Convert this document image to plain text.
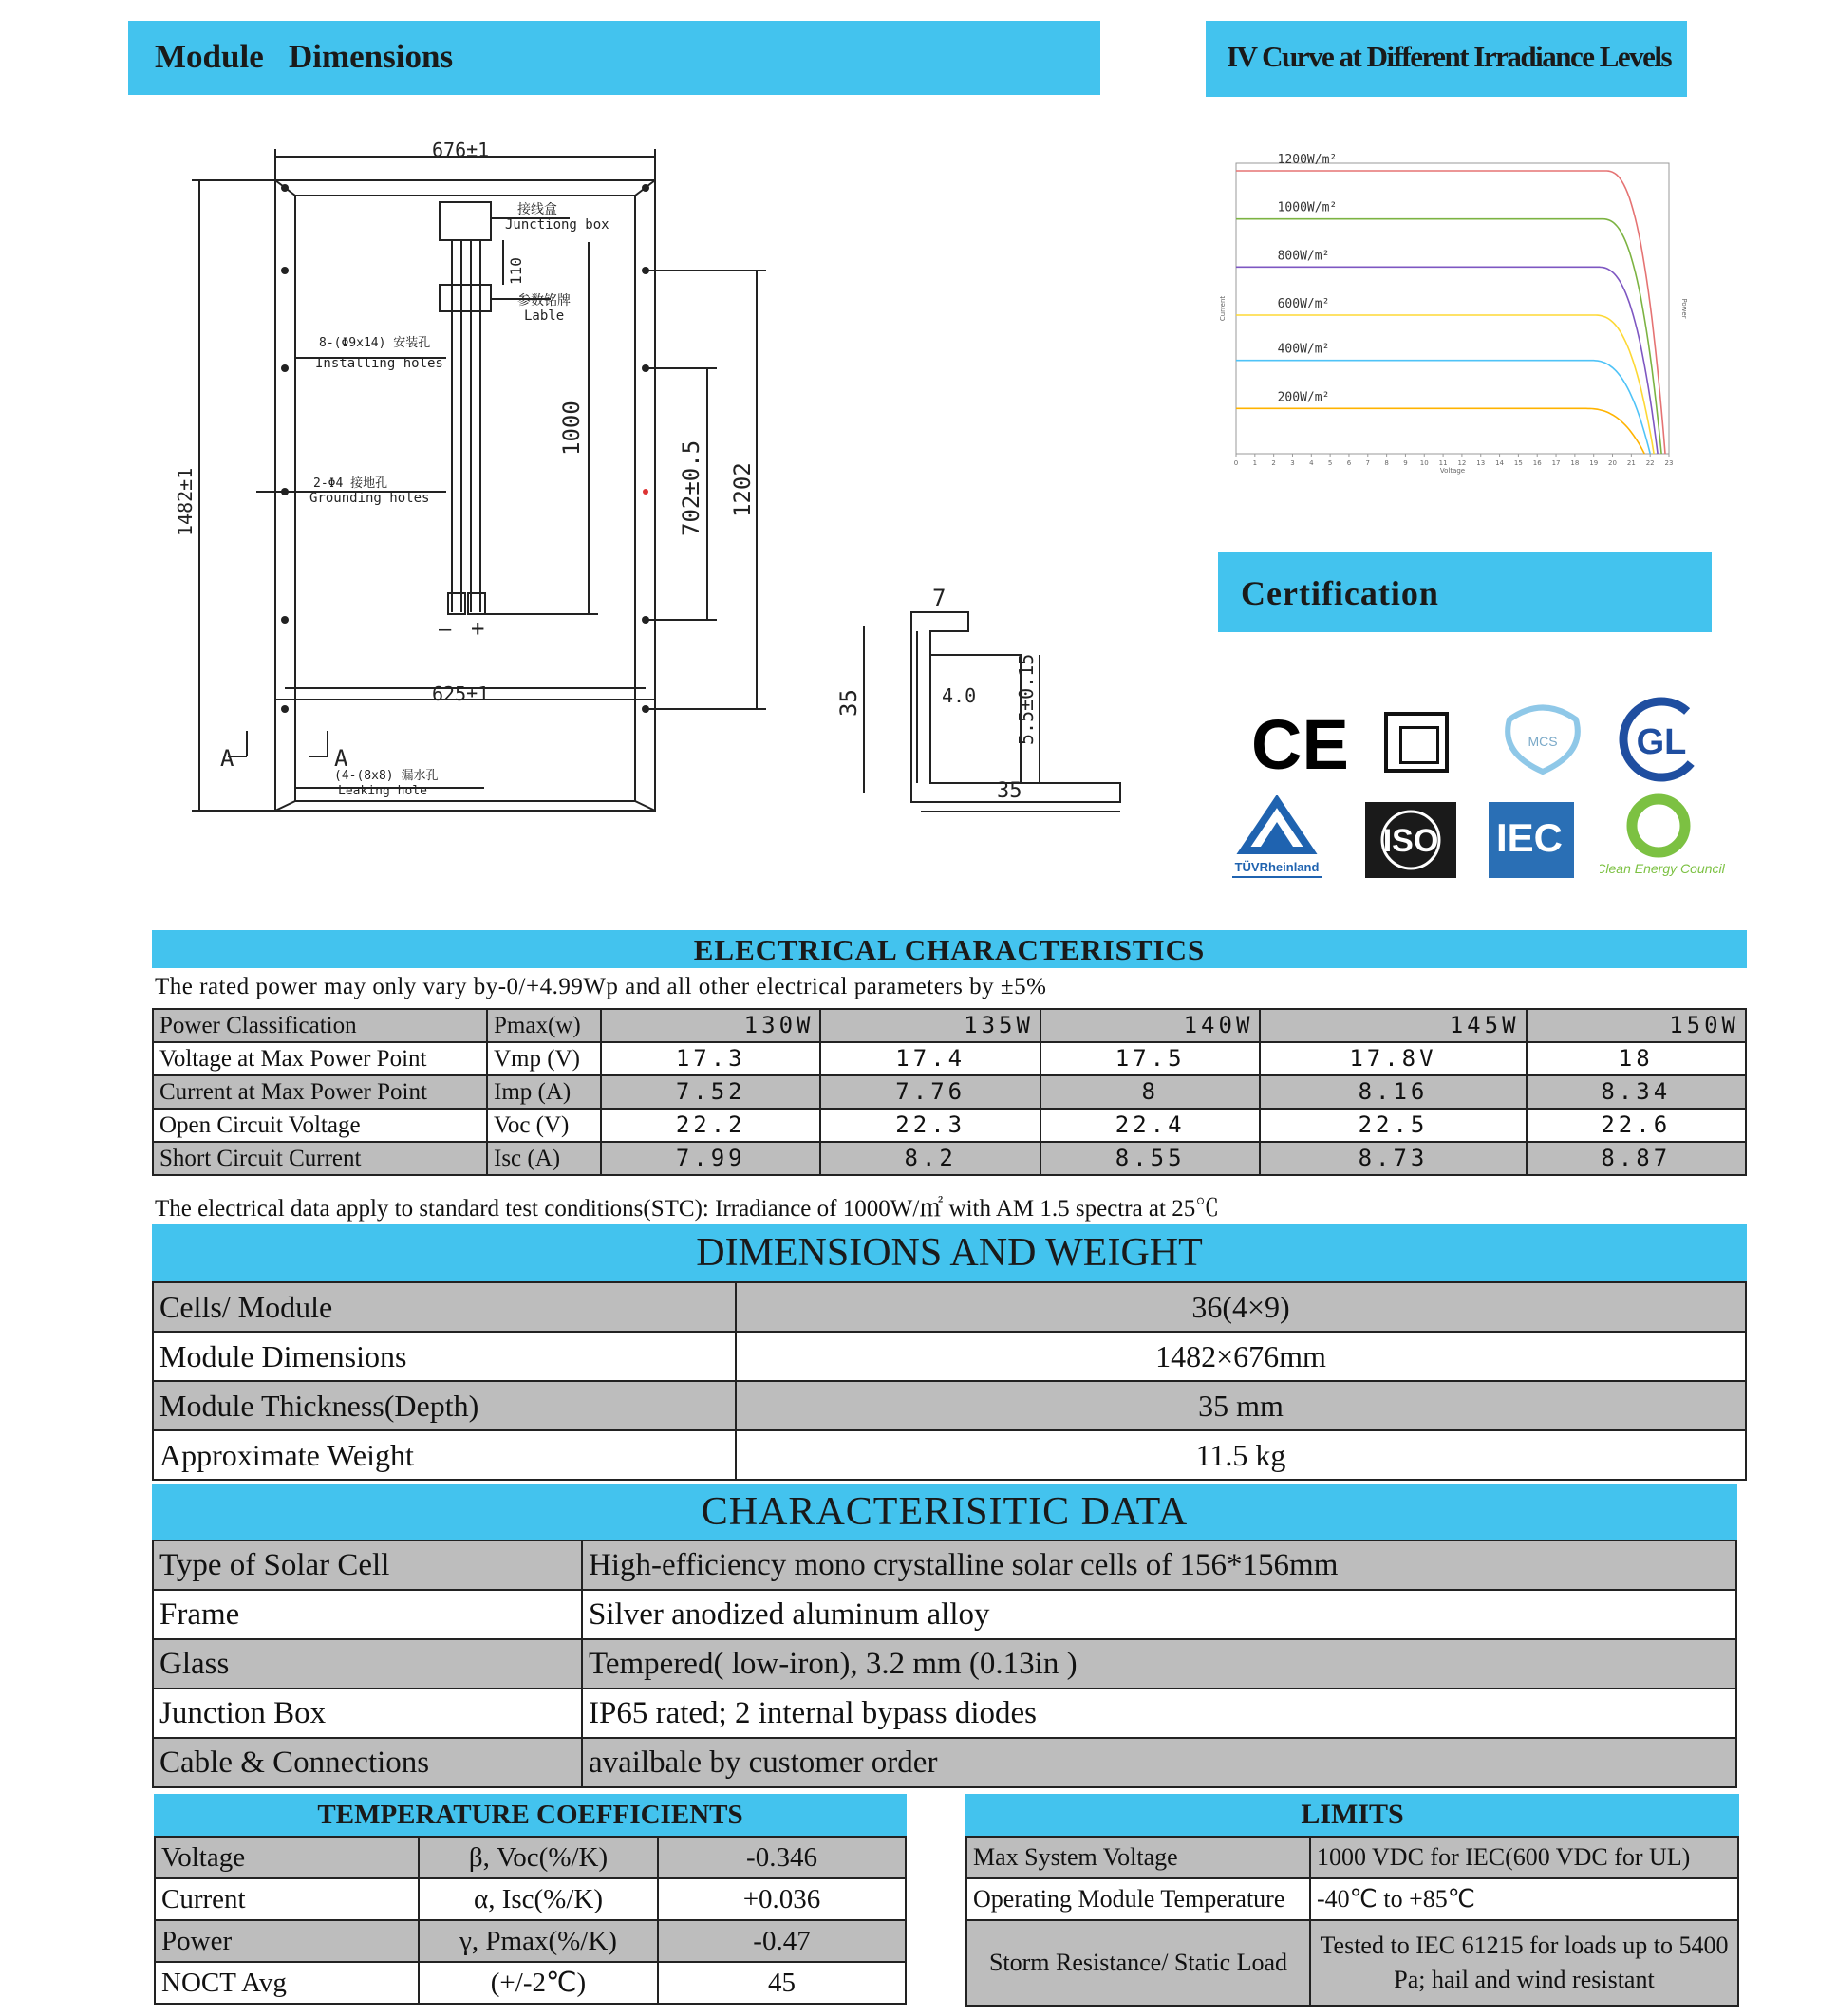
Module   Dimensions	IV Curve at Different Irradiance Levels
676±1
625±1
1482±1
110
1000
702±0.5 1202
接线盒
Junctiong box
参数铭牌
Lable
8-(Φ9x14) 安装孔
Installing holes
2-Φ4 接地孔
Grounding holes
(4-(8x8) 漏水孔
Leaking hole
— +
A	A
7
35	4.0 5.5±0.15
35
0 1 2 3 4 5 6 7 8 9 10 11 12 13 14 15 16 17 18 19 20 21 22 23
Voltage
Current	Power
1200W/m²
1000W/m²
800W/m²
600W/m²
400W/m²
200W/m²
Certification
CE	MCS GL
TÜVRheinland
ISO IEC
Clean Energy Council
ELECTRICAL CHARACTERISTICS
The rated power may only vary by-0/+4.99Wp and all other electrical parameters by ±5%
Power Classification	Pmax(w)	130W	135W	140W	145W	150W
Voltage at Max Power Point	Vmp (V)	17.3	17.4	17.5	17.8V	18
Current at Max Power Point	Imp (A)	7.52	7.76	8	8.16	8.34
Open Circuit Voltage	Voc (V)	22.2	22.3	22.4	22.5	22.6
Short Circuit Current	Isc (A)	7.99	8.2	8.55	8.73	8.87
The electrical data apply to standard test conditions(STC): Irradiance of 1000W/㎡ with AM 1.5 spectra at 25℃
DIMENSIONS AND WEIGHT
Cells/ Module	36(4×9)
Module Dimensions	1482×676mm
Module Thickness(Depth)	35 mm
Approximate Weight	11.5 kg
CHARACTERISITIC DATA
Type of Solar Cell	High-efficiency mono crystalline solar cells of 156*156mm
Frame	Silver anodized aluminum alloy
Glass	Tempered( low-iron), 3.2 mm (0.13in )
Junction Box	IP65 rated; 2 internal bypass diodes
Cable & Connections	availbale by customer order
TEMPERATURE COEFFICIENTS
Voltage	β, Voc(%/K)	-0.346
Current	α, Isc(%/K)	+0.036
Power	γ, Pmax(%/K)	-0.47
NOCT Avg	(+/-2℃)	45
LIMITS
Max System Voltage	1000 VDC for IEC(600 VDC for UL)
Operating Module Temperature	-40℃ to +85℃
Storm Resistance/ Static Load	Tested to IEC 61215 for loads up to 5400 Pa; hail and wind resistant
